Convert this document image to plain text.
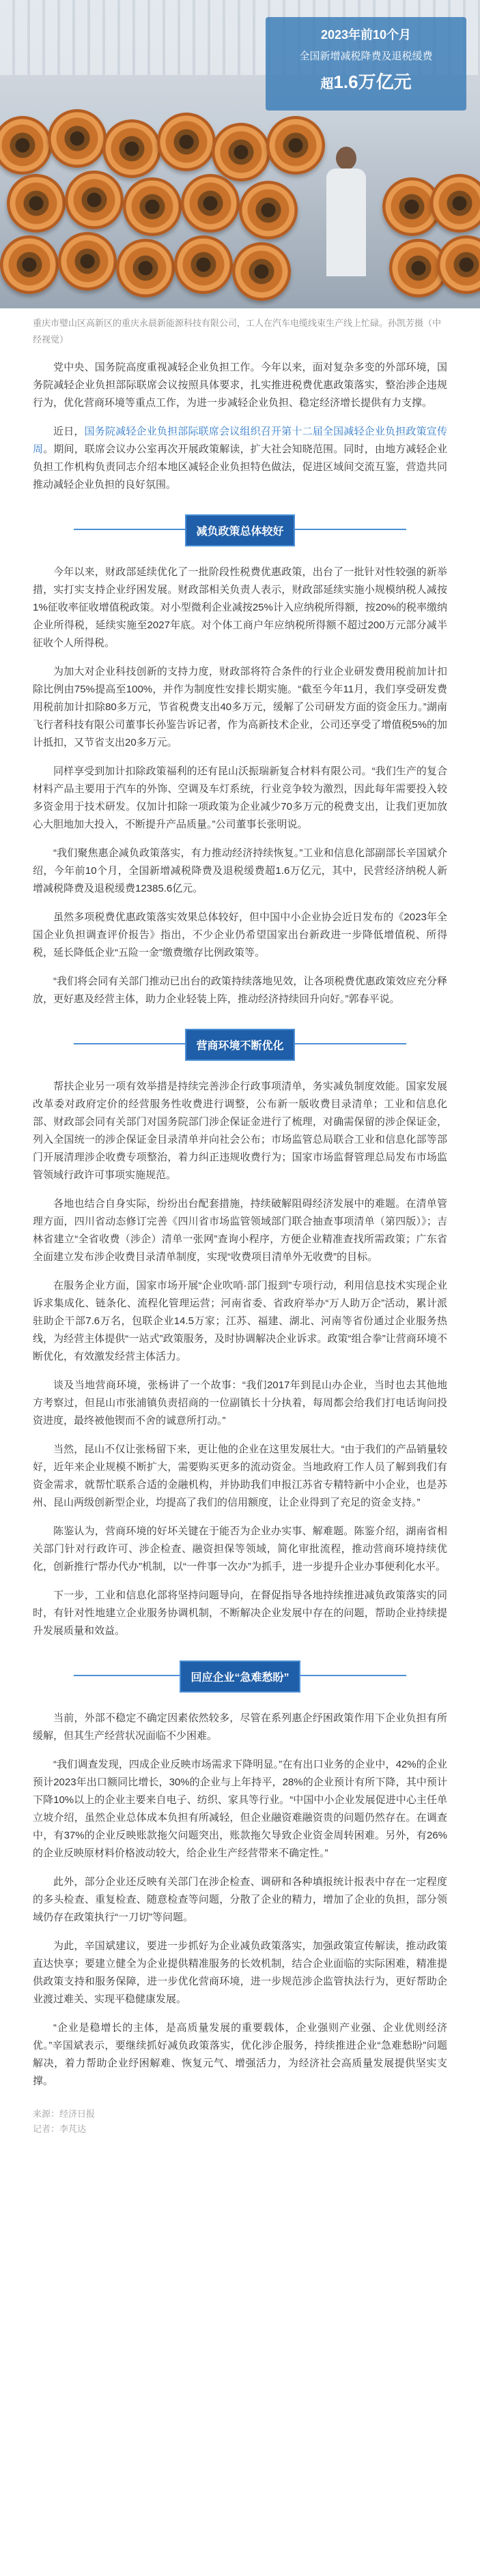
2023年前10个月
全国新增减税降费及退税缓费
超1.6万亿元
重庆市璧山区高新区的重庆永晨新能源科技有限公司，工人在汽车电缆线束生产线上忙碌。孙凯芳摄（中经视觉）

党中央、国务院高度重视减轻企业负担工作。今年以来，面对复杂多变的外部环境，国务院减轻企业负担部际联席会议按照具体要求，扎实推进税费优惠政策落实，整治涉企违规行为，优化营商环境等重点工作，为进一步减轻企业负担、稳定经济增长提供有力支撑。

近日，国务院减轻企业负担部际联席会议组织召开第十二届全国减轻企业负担政策宣传周。期间，联席会议办公室再次开展政策解读，扩大社会知晓范围。同时，由地方减轻企业负担工作机构负责同志介绍本地区减轻企业负担特色做法，促进区域间交流互鉴，营造共同推动减轻企业负担的良好氛围。

减负政策总体较好

今年以来，财政部延续优化了一批阶段性税费优惠政策，出台了一批针对性较强的新举措，实打实支持企业纾困发展。财政部相关负责人表示，财政部延续实施小规模纳税人减按1%征收率征收增值税政策。对小型微利企业减按25%计入应纳税所得额，按20%的税率缴纳企业所得税，延续实施至2027年底。对个体工商户年应纳税所得额不超过200万元部分减半征收个人所得税。

为加大对企业科技创新的支持力度，财政部将符合条件的行业企业研发费用税前加计扣除比例由75%提高至100%，并作为制度性安排长期实施。“截至今年11月，我们享受研发费用税前加计扣除80多万元，节省税费支出40多万元，缓解了公司研发方面的资金压力。”湖南飞行者科技有限公司董事长孙鉴告诉记者，作为高新技术企业，公司还享受了增值税5%的加计抵扣，又节省支出20多万元。

同样享受到加计扣除政策福利的还有昆山沃振瑞新复合材料有限公司。“我们生产的复合材料产品主要用于汽车的外饰、空调及车灯系统，行业竞争较为激烈，因此每年需要投入较多资金用于技术研发。仅加计扣除一项政策为企业减少70多万元的税费支出，让我们更加放心大胆地加大投入，不断提升产品质量。”公司董事长张明说。

“我们聚焦惠企减负政策落实，有力推动经济持续恢复。”工业和信息化部副部长辛国斌介绍，今年前10个月，全国新增减税降费及退税缓费超1.6万亿元，其中，民营经济纳税人新增减税降费及退税缓费12385.6亿元。

虽然多项税费优惠政策落实效果总体较好，但中国中小企业协会近日发布的《2023年全国企业负担调查评价报告》指出，不少企业仍希望国家出台新政进一步降低增值税、所得税，延长降低企业“五险一金”缴费缴存比例政策等。

“我们将会同有关部门推动已出台的政策持续落地见效，让各项税费优惠政策效应充分释放，更好惠及经营主体，助力企业轻装上阵，推动经济持续回升向好。”郭春平说。

营商环境不断优化

帮扶企业另一项有效举措是持续完善涉企行政事项清单，务实减负制度效能。国家发展改革委对政府定价的经营服务性收费进行调整，公布新一版收费目录清单；工业和信息化部、财政部会同有关部门对国务院部门涉企保证金进行了梳理，对确需保留的涉企保证金，列入全国统一的涉企保证金目录清单并向社会公布；市场监管总局联合工业和信息化部等部门开展清理涉企收费专项整治，着力纠正违规收费行为；国家市场监督管理总局发布市场监管领域行政许可事项实施规范。

各地也结合自身实际，纷纷出台配套措施，持续破解阻碍经济发展中的难题。在清单管理方面，四川省动态修订完善《四川省市场监管领域部门联合抽查事项清单（第四版）》；吉林省建立“全省收费（涉企）清单一张网”查询小程序，方便企业精准查找所需政策；广东省全面建立发布涉企收费目录清单制度，实现“收费项目清单外无收费”的目标。

在服务企业方面，国家市场开展“企业吹哨·部门报到”专项行动，利用信息技术实现企业诉求集成化、链条化、流程化管理运营；河南省委、省政府举办“万人助万企”活动，累计派驻助企干部7.6万名，包联企业14.5万家；江苏、福建、湖北、河南等省份通过企业服务热线，为经营主体提供“一站式”政策服务，及时协调解决企业诉求。政策“组合拳”让营商环境不断优化，有效激发经营主体活力。

谈及当地营商环境，张杨讲了一个故事：“我们2017年到昆山办企业，当时也去其他地方考察过，但昆山市张浦镇负责招商的一位副镇长十分执着，每周都会给我们打电话询问投资进度，最终被他锲而不舍的诚意所打动。”

当然，昆山不仅让张杨留下来，更让他的企业在这里发展壮大。“由于我们的产品销量较好，近年来企业规模不断扩大，需要购买更多的流动资金。当地政府工作人员了解到我们有资金需求，就帮忙联系合适的金融机构，并协助我们申报江苏省专精特新中小企业，也是苏州、昆山两级创新型企业，均提高了我们的信用额度，让企业得到了充足的资金支持。”

陈鉴认为，营商环境的好坏关键在于能否为企业办实事、解难题。陈鉴介绍，湖南省相关部门针对行政许可、涉企检查、融资担保等领域，简化审批流程，推动营商环境持续优化，创新推行“帮办代办”机制，以“一件事一次办”为抓手，进一步提升企业办事便利化水平。

下一步，工业和信息化部将坚持问题导向，在督促指导各地持续推进减负政策落实的同时，有针对性地建立企业服务协调机制，不断解决企业发展中存在的问题，帮助企业持续提升发展质量和效益。

回应企业“急难愁盼”

当前，外部不稳定不确定因素依然较多，尽管在系列惠企纾困政策作用下企业负担有所缓解，但其生产经营状况面临不少困难。

“我们调查发现，四成企业反映市场需求下降明显。”在有出口业务的企业中，42%的企业预计2023年出口额同比增长，30%的企业与上年持平，28%的企业预计有所下降，其中预计下降10%以上的企业主要来自电子、纺织、家具等行业。“中国中小企业发展促进中心主任单立坡介绍，虽然企业总体成本负担有所减轻，但企业融资难融资贵的问题仍然存在。在调查中，有37%的企业反映账款拖欠问题突出，账款拖欠导致企业资金周转困难。另外，有26%的企业反映原材料价格波动较大，给企业生产经营带来不确定性。”

此外，部分企业还反映有关部门在涉企检查、调研和各种填报统计报表中存在一定程度的多头检查、重复检查、随意检查等问题，分散了企业的精力，增加了企业的负担，部分领域仍存在政策执行“一刀切”等问题。

为此，辛国斌建议，要进一步抓好为企业减负政策落实，加强政策宣传解读，推动政策直达快享；要建立健全为企业提供精准服务的长效机制，结合企业面临的实际困难，精准提供政策支持和服务保障，进一步优化营商环境，进一步规范涉企监管执法行为，更好帮助企业渡过难关、实现平稳健康发展。

“企业是稳增长的主体，是高质量发展的重要载体，企业强则产业强、企业优则经济优。”辛国斌表示，要继续抓好减负政策落实，优化涉企服务，持续推进企业“急难愁盼”问题解决，着力帮助企业纾困解难、恢复元气、增强活力，为经济社会高质量发展提供坚实支撑。

来源：经济日报
记者：李芃达
